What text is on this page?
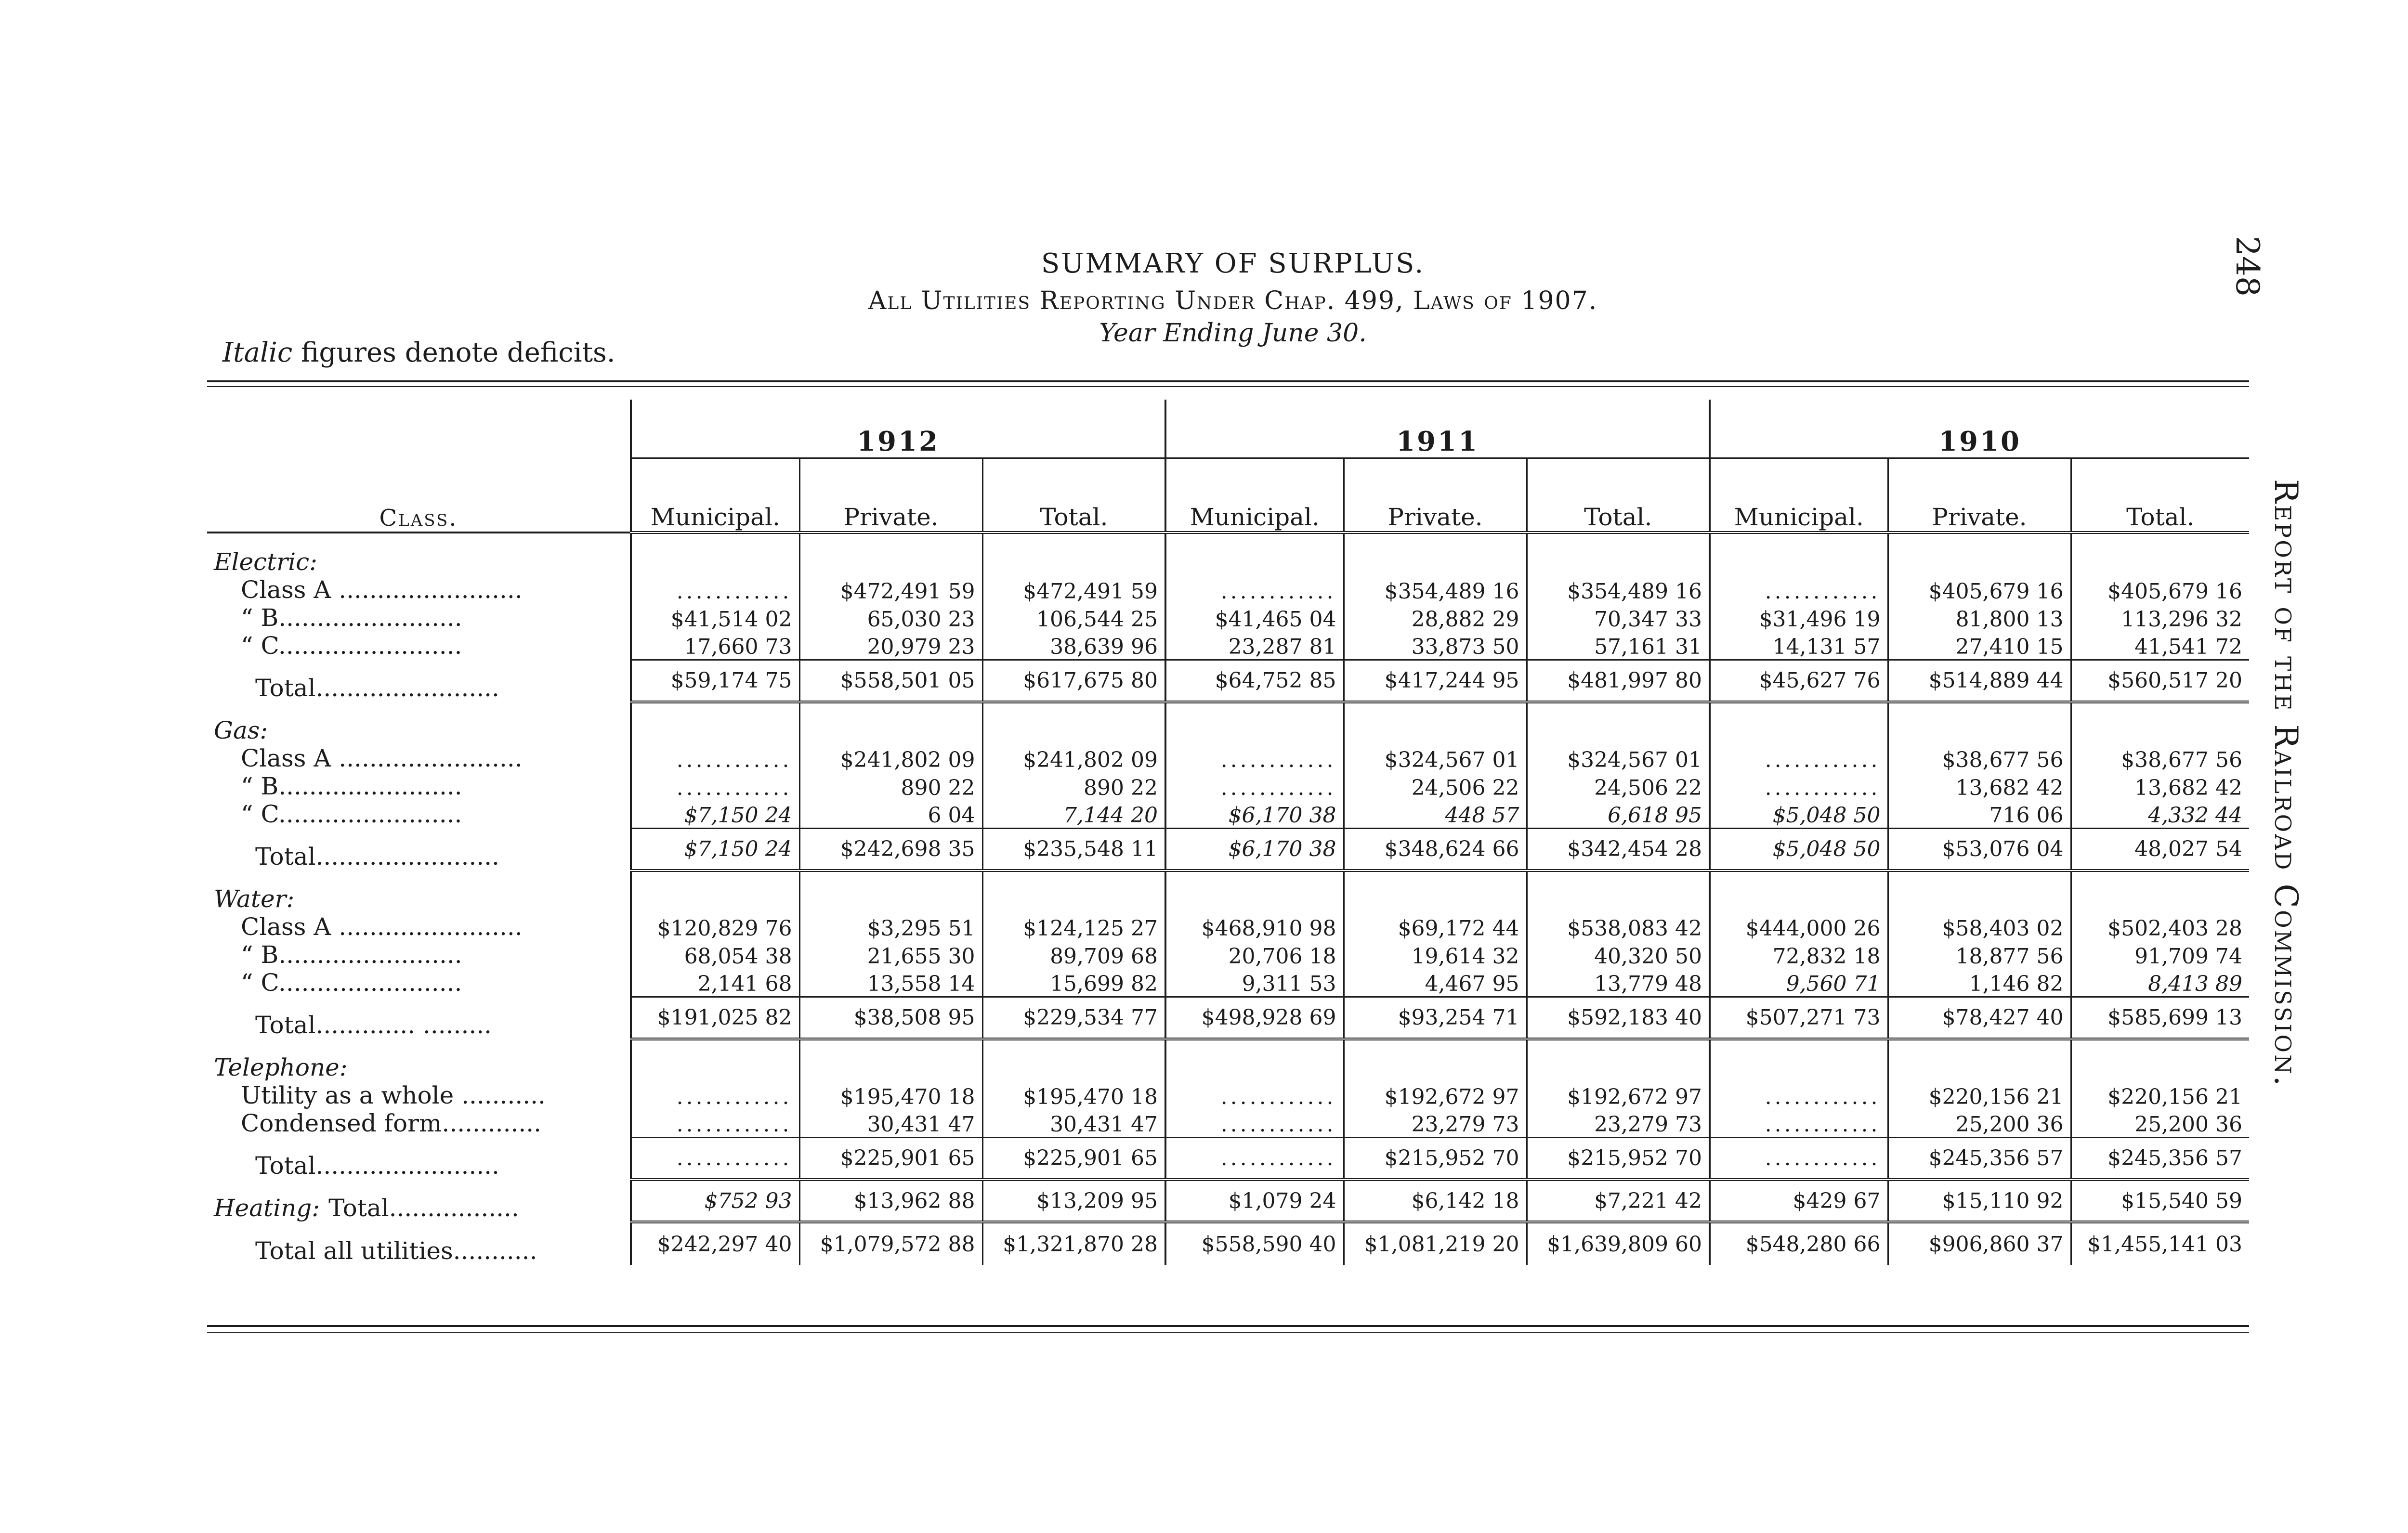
SUMMARY OF SURPLUS.
All Utilities Reporting Under Chap. 499, Laws of 1907.
Year Ending June 30.
Italic figures denote deficits.
248
Report of the Railroad Commission.
Class.	1912			1911			1910		
	Municipal.	Private.	Total.	Municipal.	Private.	Total.	Municipal.	Private.	Total.
Electric:									
Class A ........................	............	$472,491 59	$472,491 59	............	$354,489 16	$354,489 16	............	$405,679 16	$405,679 16
“ B........................	$41,514 02	65,030 23	106,544 25	$41,465 04	28,882 29	70,347 33	$31,496 19	81,800 13	113,296 32
“ C........................	17,660 73	20,979 23	38,639 96	23,287 81	33,873 50	57,161 31	14,131 57	27,410 15	41,541 72
Total........................	$59,174 75	$558,501 05	$617,675 80	$64,752 85	$417,244 95	$481,997 80	$45,627 76	$514,889 44	$560,517 20
Gas:									
Class A ........................	............	$241,802 09	$241,802 09	............	$324,567 01	$324,567 01	............	$38,677 56	$38,677 56
“ B........................	............	890 22	890 22	............	24,506 22	24,506 22	............	13,682 42	13,682 42
“ C........................	$7,150 24	6 04	7,144 20	$6,170 38	448 57	6,618 95	$5,048 50	716 06	4,332 44
Total........................	$7,150 24	$242,698 35	$235,548 11	$6,170 38	$348,624 66	$342,454 28	$5,048 50	$53,076 04	48,027 54
Water:									
Class A ........................	$120,829 76	$3,295 51	$124,125 27	$468,910 98	$69,172 44	$538,083 42	$444,000 26	$58,403 02	$502,403 28
“ B........................	68,054 38	21,655 30	89,709 68	20,706 18	19,614 32	40,320 50	72,832 18	18,877 56	91,709 74
“ C........................	2,141 68	13,558 14	15,699 82	9,311 53	4,467 95	13,779 48	9,560 71	1,146 82	8,413 89
Total............. .........	$191,025 82	$38,508 95	$229,534 77	$498,928 69	$93,254 71	$592,183 40	$507,271 73	$78,427 40	$585,699 13
Telephone:									
Utility as a whole ...........	............	$195,470 18	$195,470 18	............	$192,672 97	$192,672 97	............	$220,156 21	$220,156 21
Condensed form.............	............	30,431 47	30,431 47	............	23,279 73	23,279 73	............	25,200 36	25,200 36
Total........................	............	$225,901 65	$225,901 65	............	$215,952 70	$215,952 70	............	$245,356 57	$245,356 57
Heating: Total.................	$752 93	$13,962 88	$13,209 95	$1,079 24	$6,142 18	$7,221 42	$429 67	$15,110 92	$15,540 59
Total all utilities...........	$242,297 40	$1,079,572 88	$1,321,870 28	$558,590 40	$1,081,219 20	$1,639,809 60	$548,280 66	$906,860 37	$1,455,141 03
